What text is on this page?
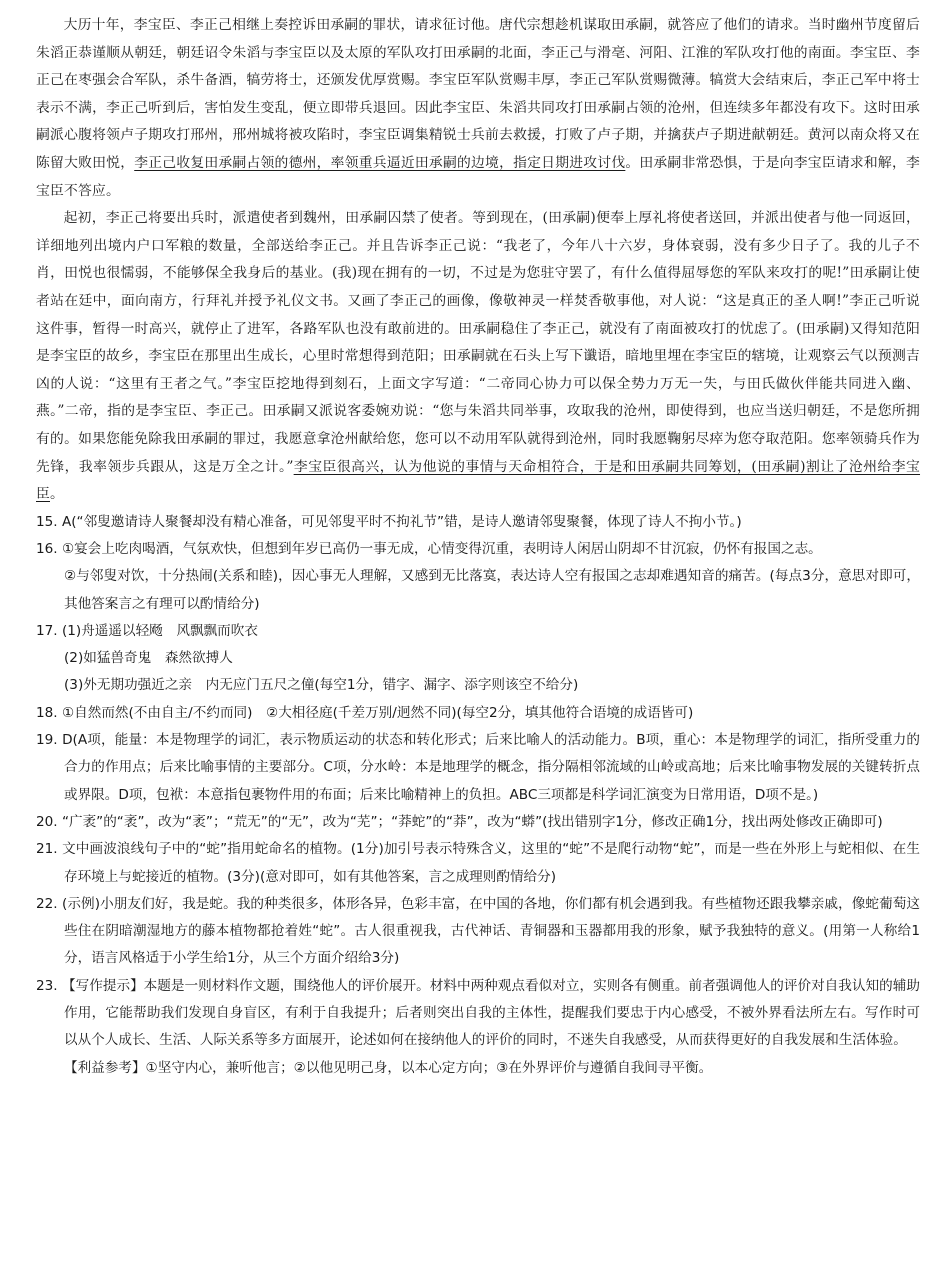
大历十年，李宝臣、李正己相继上奏控诉田承嗣的罪状，请求征讨他。唐代宗想趁机谋取田承嗣，就答应了他们的请求。当时幽州节度留后朱滔正恭谨顺从朝廷，朝廷诏令朱滔与李宝臣以及太原的军队攻打田承嗣的北面，李正己与滑亳、河阳、江淮的军队攻打他的南面。李宝臣、李正己在枣强会合军队，杀牛备酒，犒劳将士，还颁发优厚赏赐。李宝臣军队赏赐丰厚，李正己军队赏赐微薄。犒赏大会结束后，李正己军中将士表示不满，李正己听到后，害怕发生变乱，便立即带兵退回。因此李宝臣、朱滔共同攻打田承嗣占领的沧州，但连续多年都没有攻下。这时田承嗣派心腹将领卢子期攻打邢州，邢州城将被攻陷时，李宝臣调集精锐士兵前去救援，打败了卢子期，并擒获卢子期进献朝廷。黄河以南众将又在陈留大败田悦，李正己收复田承嗣占领的德州，率领重兵逼近田承嗣的边境，指定日期进攻讨伐。田承嗣非常恐惧，于是向李宝臣请求和解，李宝臣不答应。

起初，李正己将要出兵时，派遣使者到魏州，田承嗣囚禁了使者。等到现在，(田承嗣)便奉上厚礼将使者送回，并派出使者与他一同返回，详细地列出境内户口军粮的数量，全部送给李正己。并且告诉李正己说：“我老了，今年八十六岁，身体衰弱，没有多少日子了。我的儿子不肖，田悦也很懦弱，不能够保全我身后的基业。(我)现在拥有的一切，不过是为您驻守罢了，有什么值得屈辱您的军队来攻打的呢!”田承嗣让使者站在廷中，面向南方，行拜礼并授予礼仪文书。又画了李正己的画像，像敬神灵一样焚香敬事他，对人说：“这是真正的圣人啊!”李正己听说这件事，暂得一时高兴，就停止了进军，各路军队也没有敢前进的。田承嗣稳住了李正己，就没有了南面被攻打的忧虑了。(田承嗣)又得知范阳是李宝臣的故乡，李宝臣在那里出生成长，心里时常想得到范阳；田承嗣就在石头上写下谶语，暗地里埋在李宝臣的辖境，让观察云气以预测吉凶的人说：“这里有王者之气。”李宝臣挖地得到刻石，上面文字写道：“二帝同心协力可以保全势力万无一失，与田氏做伙伴能共同进入幽、燕。”二帝，指的是李宝臣、李正己。田承嗣又派说客委婉劝说：“您与朱滔共同举事，攻取我的沧州，即使得到，也应当送归朝廷，不是您所拥有的。如果您能免除我田承嗣的罪过，我愿意拿沧州献给您，您可以不动用军队就得到沧州，同时我愿鞠躬尽瘁为您夺取范阳。您率领骑兵作为先锋，我率领步兵跟从，这是万全之计。”李宝臣很高兴，认为他说的事情与天命相符合，于是和田承嗣共同筹划，(田承嗣)割让了沧州给李宝臣。

15. A(“邻叟邀请诗人聚餐却没有精心准备，可见邻叟平时不拘礼节”错，是诗人邀请邻叟聚餐，体现了诗人不拘小节。)

16. ①宴会上吃肉喝酒，气氛欢快，但想到年岁已高仍一事无成，心情变得沉重，表明诗人闲居山阴却不甘沉寂，仍怀有报国之志。

②与邻叟对饮，十分热闹(关系和睦)，因心事无人理解，又感到无比落寞，表达诗人空有报国之志却难遇知音的痛苦。(每点3分，意思对即可，其他答案言之有理可以酌情给分)

17. (1)舟遥遥以轻飏　风飘飘而吹衣

(2)如猛兽奇鬼　森然欲搏人

(3)外无期功强近之亲　内无应门五尺之僮(每空1分，错字、漏字、添字则该空不给分)

18. ①自然而然(不由自主/不约而同)　②大相径庭(千差万别/迥然不同)(每空2分，填其他符合语境的成语皆可)

19. D(A项，能量：本是物理学的词汇，表示物质运动的状态和转化形式；后来比喻人的活动能力。B项，重心：本是物理学的词汇，指所受重力的合力的作用点；后来比喻事情的主要部分。C项，分水岭：本是地理学的概念，指分隔相邻流域的山岭或高地；后来比喻事物发展的关键转折点或界限。D项，包袱：本意指包裹物件用的布面；后来比喻精神上的负担。ABC三项都是科学词汇演变为日常用语，D项不是。)

20. “广袤”的“袤”，改为“袤”；“荒无”的“无”，改为“芜”；“莽蛇”的“莽”，改为“蟒”(找出错别字1分，修改正确1分，找出两处修改正确即可)

21. 文中画波浪线句子中的“蛇”指用蛇命名的植物。(1分)加引号表示特殊含义，这里的“蛇”不是爬行动物“蛇”，而是一些在外形上与蛇相似、在生存环境上与蛇接近的植物。(3分)(意对即可，如有其他答案，言之成理则酌情给分)

22. (示例)小朋友们好，我是蛇。我的种类很多，体形各异，色彩丰富，在中国的各地，你们都有机会遇到我。有些植物还跟我攀亲戚，像蛇葡萄这些住在阴暗潮湿地方的藤本植物都抢着姓“蛇”。古人很重视我，古代神话、青铜器和玉器都用我的形象，赋予我独特的意义。(用第一人称给1分，语言风格适于小学生给1分，从三个方面介绍给3分)

23. 【写作提示】本题是一则材料作文题，围绕他人的评价展开。材料中两种观点看似对立，实则各有侧重。前者强调他人的评价对自我认知的辅助作用，它能帮助我们发现自身盲区，有利于自我提升；后者则突出自我的主体性，提醒我们要忠于内心感受，不被外界看法所左右。写作时可以从个人成长、生活、人际关系等多方面展开，论述如何在接纳他人的评价的同时，不迷失自我感受，从而获得更好的自我发展和生活体验。

【利益参考】①坚守内心，兼听他言；②以他见明己身，以本心定方向；③在外界评价与遵循自我间寻平衡。
